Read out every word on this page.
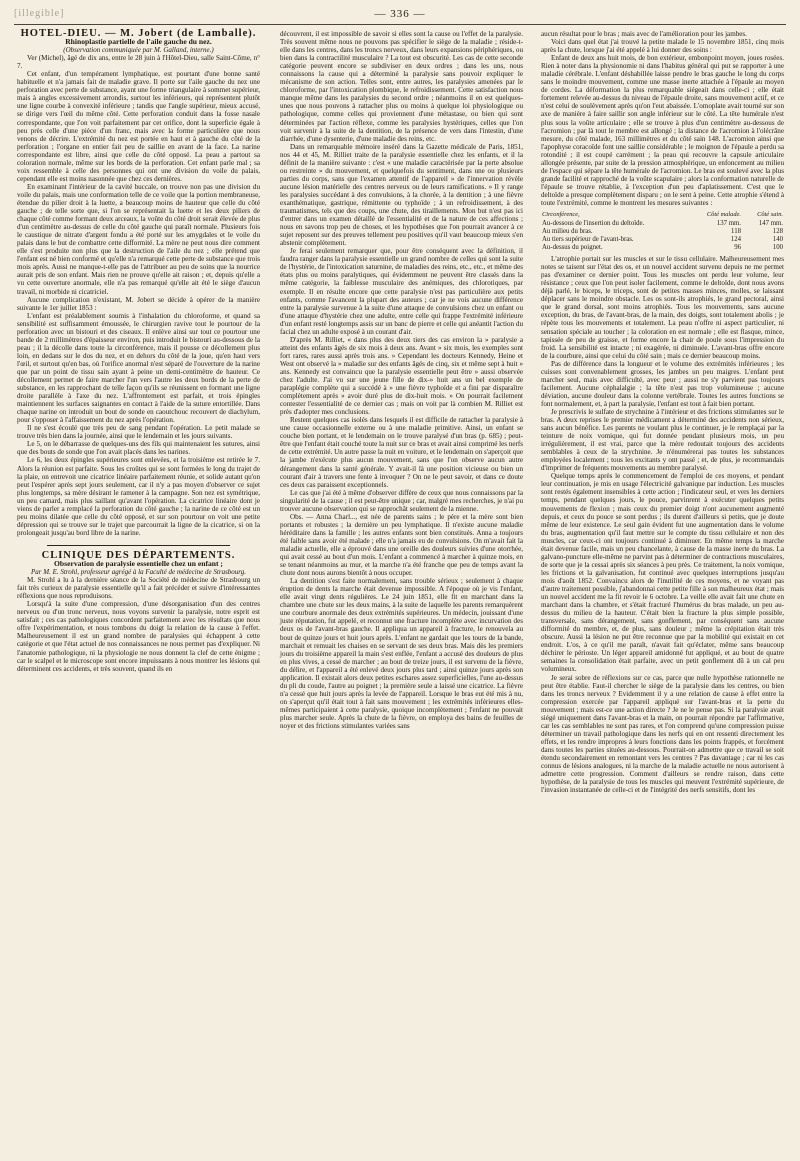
[illegible]	— 336 —

HOTEL-DIEU. — M. Jobert (de Lamballe).

Rhinoplastie partielle de l'aile gauche du nez.

(Observation communiquée par M. Galland, interne.)

Ver (Michel), âgé de dix ans, entre le 28 juin à l'Hôtel-Dieu, salle Saint-Côme, n° 7.

Cet enfant, d'un tempérament lymphatique, est pourtant d'une bonne santé habituelle et n'a jamais fait de maladie grave. Il porte sur l'aile gauche du nez une perforation avec perte de substance, ayant une forme triangulaire à sommet supérieur, mais à angles excessivement arrondis, surtout les inférieurs, qui représentent plutôt une ligne courbe à convexité inférieure ; tandis que l'angle supérieur, mieux accusé, se dirige vers l'œil du même côté. Cette perforation conduit dans la fosse nasale correspondante, que l'on voit parfaitement par cet orifice, dont la superficie égale à peu près celle d'une pièce d'un franc, mais avec la forme particulière que nous venons de décrire. L'extrémité du nez est portée en haut et à gauche du côté de la perforation ; l'organe en entier fait peu de saillie en avant de la face. La narine correspondante est libre, ainsi que celle du côté opposé. La peau a partout sa coloration normale, même sur les bords de la perforation. Cet enfant parle mal ; sa voix ressemble à celle des personnes qui ont une division du voile du palais, cependant elle est moins nasonnée que chez ces dernières.

En examinant l'intérieur de la cavité buccale, on trouve non pas une division du voile du palais, mais une conformation telle de ce voile que la portion membraneuse, étendue du pilier droit à la luette, a beaucoup moins de hauteur que celle du côté gauche ; de telle sorte que, si l'on se représentait la luette et les deux piliers de chaque côté comme formant deux arceaux, la voûte du côté droit serait élevée de plus d'un centimètre au-dessus de celle du côté gauche qui paraît normale. Plusieurs fois le caustique de nitrate d'argent fondu a été porté sur les amygdales et le voile du palais dans le but de combattre cette difformité. La mère ne peut nous dire comment elle s'est produite non plus que la destruction de l'aile du nez ; elle prétend que l'enfant est né bien conformé et qu'elle n'a remarqué cette perte de substance que trois mois après. Aussi ne manque-t-elle pas de l'attribuer au peu de soins que la nourrice aurait pris de son enfant. Mais rien ne prouve qu'elle ait raison ; et, depuis qu'elle a vu cette ouverture anormale, elle n'a pas remarqué qu'elle ait été le siège d'aucun travail, ni morbide ni cicatriciel.

Aucune complication n'existant, M. Jobert se décide à opérer de la manière suivante le 1er juillet 1853 :

L'enfant est préalablement soumis à l'inhalation du chloroforme, et quand sa sensibilité est suffisamment émoussée, le chirurgien ravive tout le pourtour de la perforation avec un bistouri et des ciseaux. Il enlève ainsi sur tout ce pourtour une bande de 2 millimètres d'épaisseur environ, puis introduit le bistouri au-dessous de la peau ; il la décolle dans toute la circonférence, mais il pousse ce décollement plus loin, en dedans sur le dos du nez, et en dehors du côté de la joue, qu'en haut vers l'œil, et surtout qu'en bas, où l'orifice anormal n'est séparé de l'ouverture de la narine que par un point de tissu sain ayant à peine un demi-centimètre de hauteur. Ce décollement permet de faire marcher l'un vers l'autre les deux bords de la perte de substance, en les rapprochant de telle façon qu'ils se réunissent en formant une ligne droite parallèle à l'axe du nez. L'affrontement est parfait, et trois épingles maintiennent les surfaces saignantes en contact à l'aide de la suture entortillée. Dans chaque narine on introduit un bout de sonde en caoutchouc recouvert de diachylum, pour s'opposer à l'affaissement du nez après l'opération.

Il ne s'est écoulé que très peu de sang pendant l'opération. Le petit malade se trouve très bien dans la journée, ainsi que le lendemain et les jours suivants.

Le 5, on le débarrasse de quelques-uns des fils qui maintenaient les sutures, ainsi que des bouts de sonde que l'on avait placés dans les narines.

Le 6, les deux épingles supérieures sont enlevées, et la troisième est retirée le 7. Alors la réunion est parfaite. Sous les croûtes qui se sont formées le long du trajet de la plaie, on entrevoit une cicatrice linéaire parfaitement réunie, et solide autant qu'on peut l'espérer après sept jours seulement, car il n'y a pas moyen d'observer ce sujet plus longtemps, sa mère désirant le ramener à la campagne. Son nez est symétrique, un peu camard, mais plus saillant qu'avant l'opération. La cicatrice linéaire dont je viens de parler a remplacé la perforation du côté gauche ; la narine de ce côté est un peu moins dilatée que celle du côté opposé, et sur son pourtour on voit une petite dépression qui se trouve sur le trajet que parcourrait la ligne de la cicatrice, si on la prolongeait jusqu'au bord libre de la narine.

CLINIQUE DES DÉPARTEMENTS.

Observation de paralysie essentielle chez un enfant ;

Par M. E. Strohl, professeur agrégé à la Faculté de médecine de Strasbourg.

M. Strohl a lu à la dernière séance de la Société de médecine de Strasbourg un fait très curieux de paralysie essentielle qu'il a fait précéder et suivre d'intéressantes réflexions que nous reproduisons.

Lorsqu'à la suite d'une compression, d'une désorganisation d'un des centres nerveux ou d'un tronc nerveux, nous voyons survenir la paralysie, notre esprit est satisfait ; ces cas pathologiques concordent parfaitement avec les résultats que nous offre l'expérimentation, et nous tombons du doigt la relation de la cause à l'effet. Malheureusement il est un grand nombre de paralysies qui échappent à cette catégorie et que l'état actuel de nos connaissances ne nous permet pas d'expliquer. Ni l'anatomie pathologique, ni la physiologie ne nous donnent la clef de cette énigme ; car le scalpel et le microscope sont encore impuissants à nous montrer les lésions qui déterminent ces accidents, et très souvent, quand ils en

découvrent, il est impossible de savoir si elles sont la cause ou l'effet de la paralysie. Très souvent même nous ne pouvons pas spécifier le siège de la maladie ; réside-t-elle dans les centres, dans les troncs nerveux, dans leurs expansions périphériques, ou bien dans la contractilité musculaire ? La tout est obscurité. Les cas de cette seconde catégorie peuvent encore se subdiviser en deux ordres ; dans les uns, nous connaissons la cause qui a déterminé la paralysie sans pouvoir expliquer le mécanisme de son action. Telles sont, entre autres, les paralysies amenées par le chloroforme, par l'intoxication plombique, le refroidissement. Cette satisfaction nous manque même dans les paralysies du second ordre ; néanmoins il en est quelques-unes que nous pouvons à rattacher plus ou moins à quelque loi physiologique ou pathologique, comme celles qui proviennent d'une métastase, ou bien qui sont déterminées par l'action réflexe, comme les paralysies hystériques, celles que l'on voit survenir à la suite de la dentition, de la présence de vers dans l'intestin, d'une diarrhée, d'une dysenterie, d'une maladie des reins, etc.

Dans un remarquable mémoire inséré dans la Gazette médicale de Paris, 1851, nos 44 et 45, M. Rilliet traite de la paralysie essentielle chez les enfants, et il la définit de la manière suivante : c'est « une maladie caractérisée par la perte absolue ou restreinte » du mouvement, et quelquefois du sentiment, dans une ou plusieurs parties du corps, sans que l'examen attentif de l'appareil » de l'innervation révèle aucune lésion matérielle des centres nerveux ou de leurs ramifications. » Il y range les paralysies succédant à des convulsions, à la chorée, à la dentition ; à une fièvre exanthématique, gastrique, rémittente ou typhoïde ; à un refroidissement, à des traumatismes, tels que des coups, une chute, des tiraillements. Mon but n'est pas ici d'entrer dans un examen détaillé de l'essentialité et de la nature de ces affections ; nous en savons trop peu de choses, et les hypothèses que l'on pourrait avancer à ce sujet reposent sur des preuves tellement peu positives qu'il vaut beaucoup mieux s'en abstenir complètement.

Je ferai seulement remarquer que, pour être conséquent avec la définition, il faudra ranger dans la paralysie essentielle un grand nombre de celles qui sont la suite de l'hystérie, de l'intoxication saturnine, de maladies des reins, etc., etc., et même des états plus ou moins paralytiques, qui évidemment ne peuvent être classés dans la même catégorie, la faiblesse musculaire des anémiques, des chlorotiques, par exemple. Il en résulte encore que cette paralysie n'est pas particulière aux petits enfants, comme l'avancent la plupart des auteurs ; car je ne vois aucune différence entre la paralysie survenue à la suite d'une attaque de convulsions chez un enfant ou d'une attaque d'hystérie chez une adulte, entre celle qui frappe l'extrémité inférieure d'un enfant resté longtemps assis sur un banc de pierre et celle qui anéantit l'action du facial chez un adulte exposé à un courant d'air.

D'après M. Rilliet, « dans plus des deux tiers des cas environ la » paralysie a atteint des enfants âgés de six mois à deux ans. Avant » six mois, les exemples sont fort rares, rares aussi après trois ans. » Cependant les docteurs Kennedy, Heine et West ont observé la » maladie sur des enfants âgés de cinq, six et même sept à huit » ans. Kennedy est convaincu que la paralysie essentielle peut être » aussi observée chez l'adulte. J'ai vu sur une jeune fille de dix-» huit ans un bel exemple de paraplégie complète qui a succédé à » une fièvre typhoïde et a fini par disparaître complètement après » avoir duré plus de dix-huit mois. » On pourrait facilement contester l'essentialité de ce dernier cas ; mais on voit par là combien M. Rilliet est près d'adopter mes conclusions.

Restent quelques cas isolés dans lesquels il est difficile de rattacher la paralysie à une cause occasionnelle externe ou à une maladie primitive. Ainsi, un enfant se couche bien portant, et le lendemain on le trouve paralysé d'un bras (p. 685) ; peut-être que l'enfant était couché toute la nuit sur ce bras et avait ainsi comprimé les nerfs de cette extrémité. Un autre passe la nuit en voiture, et le lendemain on s'aperçoit que la jambe n'exécute plus aucun mouvement, sans que l'on observe aucun autre dérangement dans la santé générale. Y avait-il là une position vicieuse ou bien un courant d'air à travers une fente à invoquer ? On ne le peut savoir, et dans ce doute ces deux cas paraissent exceptionnels.

Le cas que j'ai été à même d'observer diffère de ceux que nous connaissons par la singularité de la cause ; il est peut-être unique ; car, malgré mes recherches, je n'ai pu trouver aucune observation qui se rapprochât seulement de la mienne.

Obs. — Anna Charl..., est née de parents sains ; le père et la mère sont bien portants et robustes ; la dernière un peu lymphatique. Il n'existe aucune maladie héréditaire dans la famille ; les autres enfants sont bien constitués. Anna a toujours été faible sans avoir été malade ; elle n'a jamais eu de convulsions. On m'avait fait la maladie actuelle, elle a éprouvé dans une oreille des douleurs suivies d'une otorrhée, qui avait cessé au bout d'un mois. L'enfant a commencé à marcher à quinze mois, en se tenant néanmoins au mur, et la marche n'a été franche que peu de temps avant la chute dont nous aurons bientôt à nous occuper.

La dentition s'est faite normalement, sans trouble sérieux ; seulement à chaque éruption de dents la marche était devenue impossible. A l'époque où je vis l'enfant, elle avait vingt dents régulières. Le 24 juin 1851, elle fit en marchant dans la chambre une chute sur les deux mains, à la suite de laquelle les parents remarquèrent une courbure anormale des deux extrémités supérieures. Un médecin, jouissant d'une juste réputation, fut appelé, et reconnut une fracture incomplète avec incurvation des deux os de l'avant-bras gauche. Il appliqua un appareil à fracture, le renouvela au bout de quinze jours et huit jours après. L'enfant ne gardait que les tours de la bande, marchait et remuait les chaises en se servant de ses deux bras. Mais dès les premiers jours du troisième appareil la main s'est enflée, l'enfant a accusé des douleurs de plus en plus vives, a cessé de marcher ; au bout de treize jours, il est survenu de la fièvre, du délire, et l'appareil a été enlevé deux jours plus tard ; ainsi quinze jours après son application. Il existait alors deux petites eschares assez superficielles, l'une au-dessus du pli du coude, l'autre au poignet ; la première seule a laissé une cicatrice. La fièvre n'a cessé que huit jours après la levée de l'appareil. Lorsque le bras eut été mis à nu, on s'aperçut qu'il était tout à fait sans mouvement ; les extrémités inférieures elles-mêmes participaient à cette paralysie, quoique incomplètement ; l'enfant ne pouvait plus marcher seule. Après la chute de la fièvre, on employa des bains de feuilles de noyer et des frictions stimulantes variées sans

aucun résultat pour le bras ; mais avec de l'amélioration pour les jambes.

Voici dans quel état j'ai trouvé la petite malade le 15 novembre 1851, cinq mois après la chute, lorsque j'ai été appelé à lui donner des soins :

Enfant de deux ans huit mois, de bon extérieur, embonpoint moyen, joues rosées. Rien à noter dans la physionomie ni dans l'habitus général qui put se rapporter à une maladie cérébrale. L'enfant déshabillée laisse pendre le bras gauche le long du corps sans le moindre mouvement, comme une masse inerte attachée à l'épaule au moyen de cordes. La déformation la plus remarquable siégeait dans celle-ci ; elle était fortement relevée au-dessus du niveau de l'épaule droite, sans mouvement actif, et ce n'est celui de soulèvement après qu'on l'eut abaissée. L'omoplate avait tourné sur son axe de manière à faire saillir son angle inférieur sur le côté. La tête humérale n'est plus sous la voûte articulaire ; elle se trouve à plus d'un centimètre au-dessous de l'acromion ; par là tout le membre est allongé ; la distance de l'acromion à l'olécrâne mesure, du côté malade, 163 millimètres et du côté sain 148. L'acromion ainsi que l'apophyse coracoïde font une saillie considérable ; le moignon de l'épaule a perdu sa rotondité ; il est coupé carrément ; la peau qui recouvre la capsule articulaire allongée présente, par suite de la pression atmosphérique, un enfoncement au milieu de l'espace qui sépare la tête humérale de l'acromion. Le bras est soulevé avec la plus grande facilité et rapproché de la voûte scapulaire ; alors la conformation naturelle de l'épaule se trouve rétablie, à l'exception d'un peu d'aplatissement. C'est que le deltoïde a presque complètement disparu ; on le sent à peine. Cette atrophie s'étend à toute l'extrémité, comme le montrent les mesures suivantes :

Circonférence,	Côté malade.	Côté sain.
Au-dessous de l'insertion du deltoïde.	137 mm.	147 mm.
Au milieu du bras.	118	128
Au tiers supérieur de l'avant-bras.	124	140
Au-dessus du poignet.	96	100

L'atrophie portait sur les muscles et sur le tissu cellulaire. Malheureusement mes notes se taisent sur l'état des os, et un nouvel accident survenu depuis ne me permet pas d'examiner ce dernier point. Tous les muscles ont perdu leur volume, leur résistance ; ceux que l'on peut isoler facilement, comme le deltoïde, dont nous avons déjà parlé, le biceps, le triceps, sont de petites masses minces, molles, se laissant déplacer sans le moindre obstacle. Les os sont-ils atrophiés, le grand pectoral, ainsi que le grand dorsal, sont moins atrophiés. Tous les mouvements, sans aucune exception, du bras, de l'avant-bras, de la main, des doigts, sont totalement abolis ; je répète tous les mouvements et totalement. La peau n'offre ni aspect particulier, ni sensation spéciale au toucher ; la coloration en est normale ; elle est flasque, mince, tapissée de peu de graisse, et forme encore la chair de poule sous l'impression du froid. La sensibilité est intacte ; ni exagérée, ni diminuée. L'avant-bras offre encore de la courbure, ainsi que celui du côté sain ; mais ce dernier beaucoup moins.

Pas de différence dans la longueur et le volume des extrémités inférieures ; les cuisses sont convenablement grosses, les jambes un peu maigres. L'enfant peut marcher seul, mais avec difficulté, avec peur ; aussi ne s'y parvient pas toujours facilement. Aucune céphalalgie ; la tête n'est pas trop volumineuse ; aucune déviation, aucune douleur dans la colonne vertébrale. Toutes les autres fonctions se font normalement, et, à part la paralysie, l'enfant est tout à fait bien portant.

Je prescrivis le sulfate de strychnine à l'intérieur et des frictions stimulantes sur le bras. A deux reprises le premier médicament a déterminé des accidents non sérieux, sans aucun bénéfice. Les parents ne voulant plus le continuer, je le remplaçai par la teinture de noix vomique, qui fut donnée pendant plusieurs mois, un peu irrégulièrement, il est vrai, parce que la mère redoutait toujours des accidents semblables à ceux de la strychnine. Je n'énumérerai pas toutes les substances employées localement ; tous les excitants y ont passé ; et, de plus, je recommandais d'imprimer de fréquents mouvements au membre paralysé.

Quelque temps après le commencement de l'emploi de ces moyens, et pendant leur continuation, je mis en usage l'électricité galvanique par induction. Les muscles sont restés également insensibles à cette action ; l'indicateur seul, et vers les derniers temps, pendant quelques jours, le pouce, parvinrent à exécuter quelques petits mouvements de flexion ; mais ceux du premier doigt n'ont aucunement augmenté depuis, et ceux du pouce se sont perdus ; ils durent d'ailleurs si petits, que je doute même de leur existence. Le seul gain évident fut une augmentation dans le volume du bras, augmentation qu'il faut mettre sur le compte du tissu cellulaire et non des muscles, car ceux-ci ont toujours continué à diminuer. En même temps la marche était devenue facile, mais un peu chancelante, à cause de la masse inerte du bras. La galvano-puncture elle-même ne parvint pas à déterminer de contractions musculaires, de sorte que je la cessai après six séances à peu près. Ce traitement, la noix vomique, les frictions et la galvanisation, fut continué avec quelques interruptions jusqu'au mois d'août 1852. Convaincu alors de l'inutilité de ces moyens, et ne voyant pas d'autre traitement possible, j'abandonnai cette petite fille à son malheureux état ; mais un nouvel accident me la fit revoir le 6 octobre. La veille elle avait fait une chute en marchant dans la chambre, et s'était fracturé l'humérus du bras malade, un peu au-dessus du milieu de la hauteur. C'était bien la fracture la plus simple possible, transversale, sans dérangement, sans gonflement, par conséquent sans aucune difformité du membre, et, de plus, sans douleur ; même la crépitation était très obscure. Aussi la lésion ne put être reconnue que par la mobilité qui existait en cet endroit. L'os, à ce qu'il me paraît, n'avait fait qu'éclater, même sans beaucoup déchirer le périoste. Un léger appareil amidonné fut appliqué, et au bout de quatre semaines la consolidation était parfaite, avec un petit gonflement dû à un cal peu volumineux.

Je serai sobre de réflexions sur ce cas, parce que nulle hypothèse rationnelle ne peut être établie. Faut-il chercher le siège de la paralysie dans les centres, ou bien dans les troncs nerveux ? Evidemment il y a une relation de cause à effet entre la compression exercée par l'appareil appliqué sur l'avant-bras et la perte du mouvement ; mais est-ce une action directe ? Je ne le pense pas. Si la paralysie avait siégé uniquement dans l'avant-bras et la main, on pourrait répondre par l'affirmative, car les cas semblables ne sont pas rares, et l'on comprend qu'une compression puisse déterminer un travail pathologique dans les nerfs qui en ont ressenti directement les effets, et les rendre impropres à leurs fonctions dans les points frappés, et forcément dans toutes les parties situées au-dessous. Pourrait-on admettre que ce travail se soit étendu secondairement en remontant vers les centres ? Pas davantage ; car ni les cas connus de lésions analogues, ni la marche de la maladie actuelle ne nous autorisent à admettre cette progression. Comment d'ailleurs se rendre raison, dans cette hypothèse, de la paralysie de tous les muscles qui meuvent l'extrémité supérieure, de l'invasion instantanée de celle-ci et de l'intégrité des nerfs sensitifs, dont les
